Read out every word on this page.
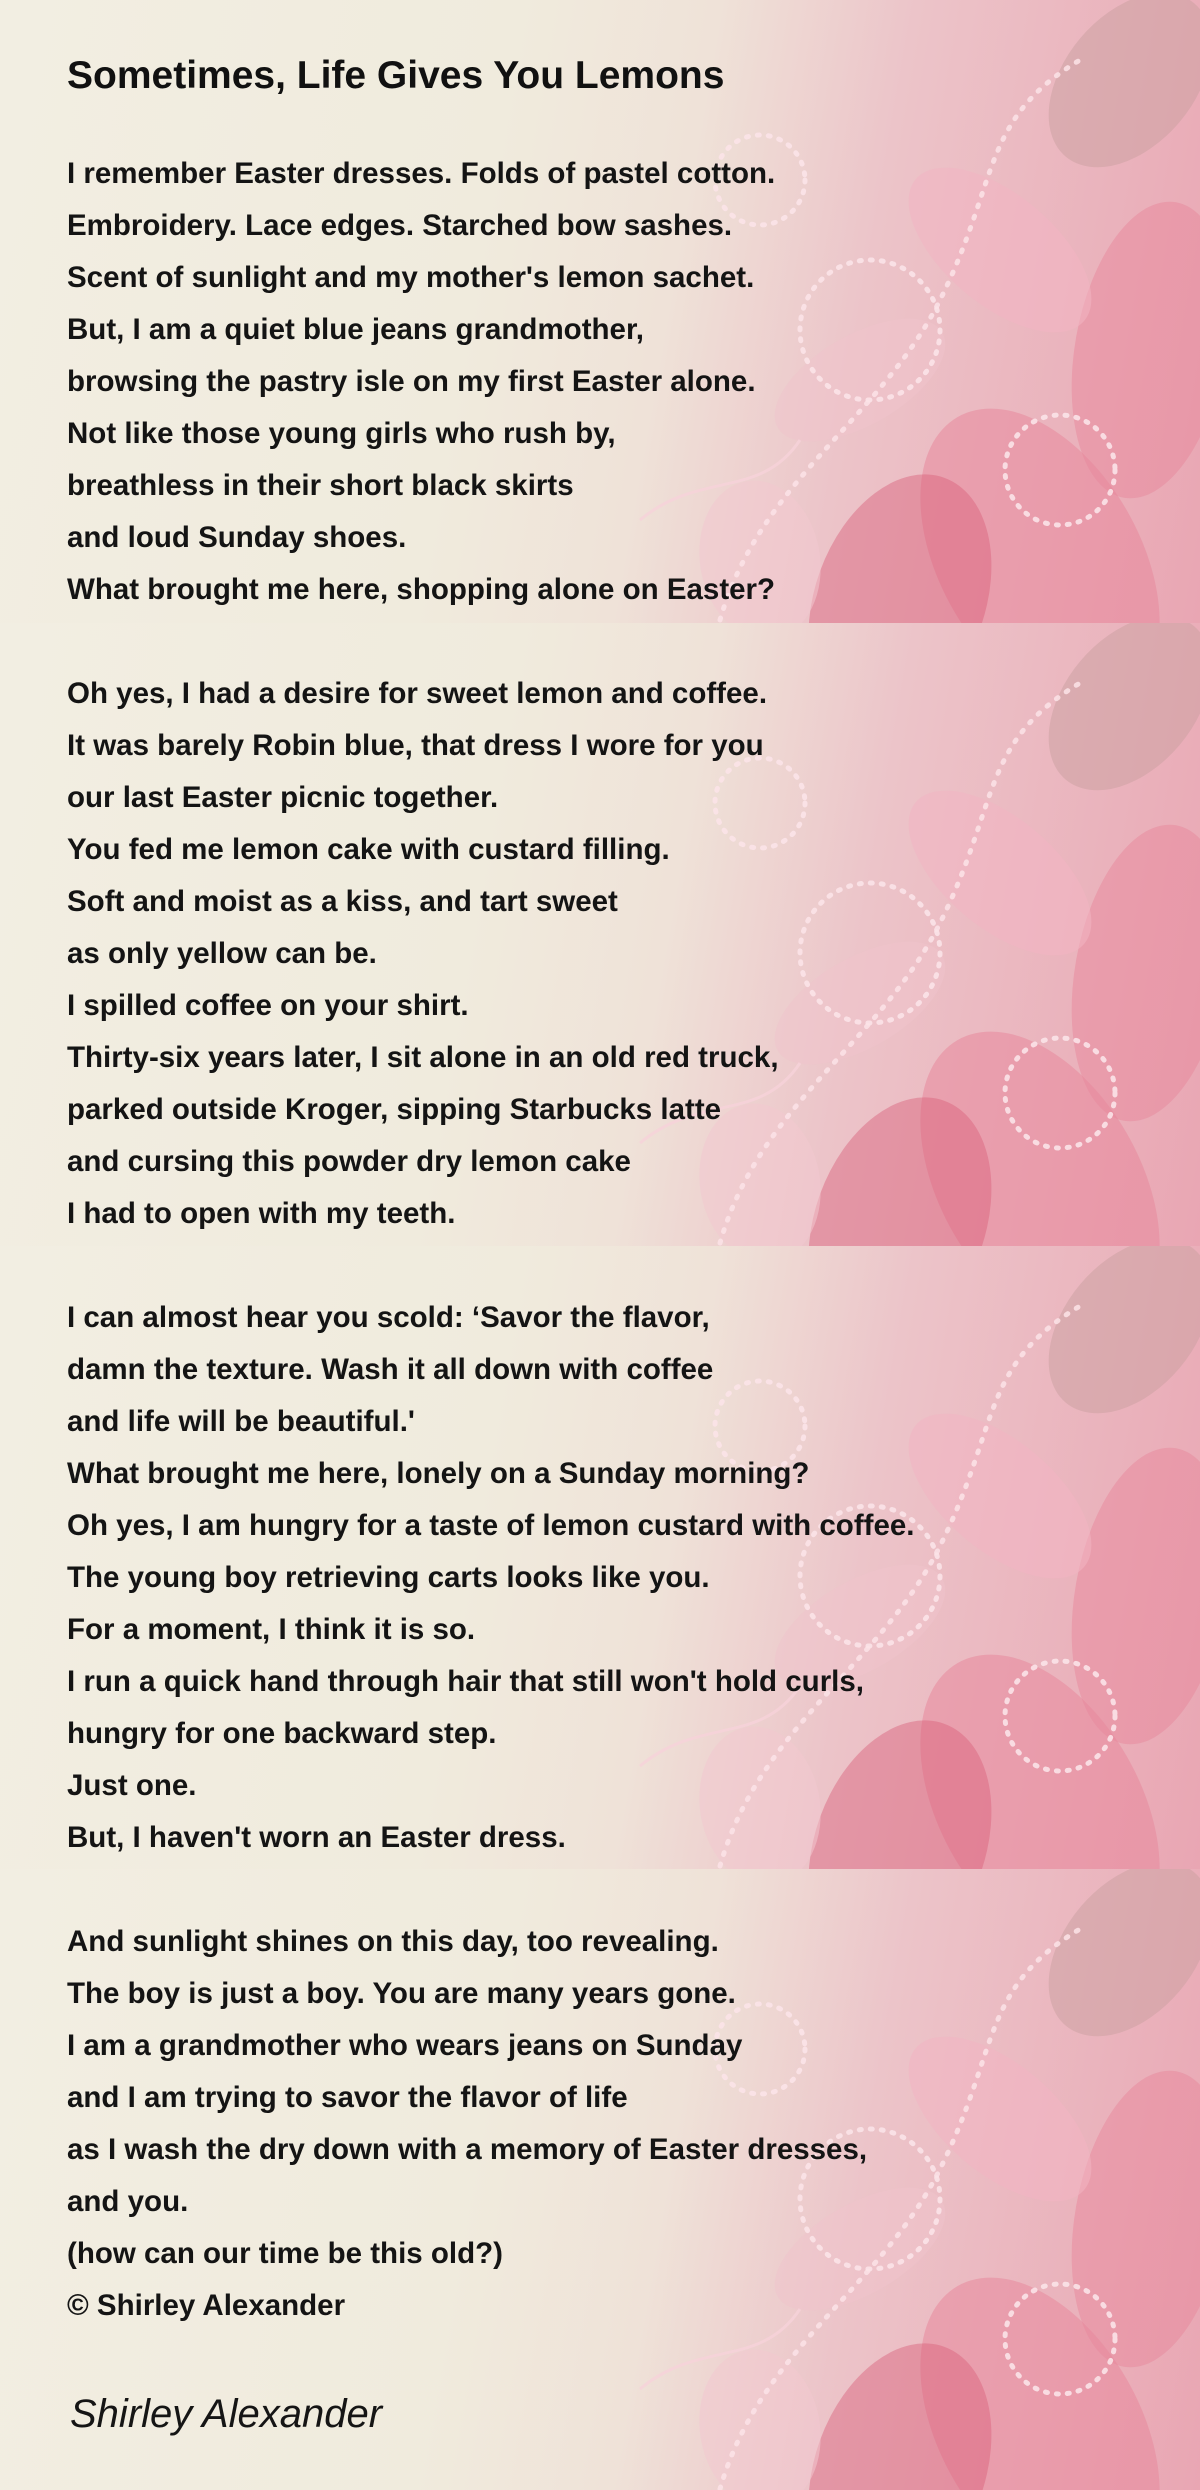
Sometimes, Life Gives You Lemons
I remember Easter dresses. Folds of pastel cotton.
Embroidery. Lace edges. Starched bow sashes.
Scent of sunlight and my mother's lemon sachet.
But, I am a quiet blue jeans grandmother,
browsing the pastry isle on my first Easter alone.
Not like those young girls who rush by,
breathless in their short black skirts
and loud Sunday shoes.
What brought me here, shopping alone on Easter?
Oh yes, I had a desire for sweet lemon and coffee.
It was barely Robin blue, that dress I wore for you
our last Easter picnic together.
You fed me lemon cake with custard filling.
Soft and moist as a kiss, and tart sweet
as only yellow can be.
I spilled coffee on your shirt.
Thirty-six years later, I sit alone in an old red truck,
parked outside Kroger, sipping Starbucks latte
and cursing this powder dry lemon cake
I had to open with my teeth.
I can almost hear you scold: ‘Savor the flavor,
damn the texture. Wash it all down with coffee
and life will be beautiful.'
What brought me here, lonely on a Sunday morning?
Oh yes, I am hungry for a taste of lemon custard with coffee.
The young boy retrieving carts looks like you.
For a moment, I think it is so.
I run a quick hand through hair that still won't hold curls,
hungry for one backward step.
Just one.
But, I haven't worn an Easter dress.
And sunlight shines on this day, too revealing.
The boy is just a boy. You are many years gone.
I am a grandmother who wears jeans on Sunday
and I am trying to savor the flavor of life
as I wash the dry down with a memory of Easter dresses,
and you.
(how can our time be this old?)
© Shirley Alexander
Shirley Alexander
